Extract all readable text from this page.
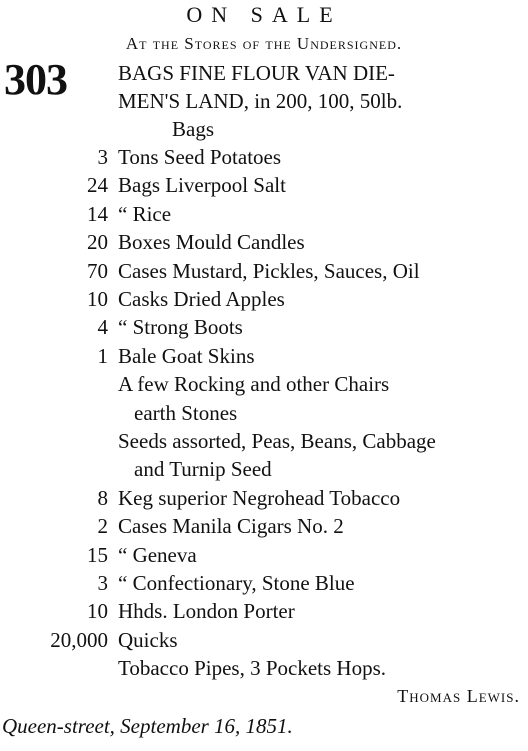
ON SALE
At the Stores of the Undersigned.
303 BAGS FINE FLOUR VAN DIE-
MEN'S LAND, in 200, 100, 50lb.
Bags
3 Tons Seed Potatoes
24 Bags Liverpool Salt
14 “ Rice
20 Boxes Mould Candles
70 Cases Mustard, Pickles, Sauces, Oil
10 Casks Dried Apples
4 “ Strong Boots
1 Bale Goat Skins
A few Rocking and other Chairs
earth Stones
Seeds assorted, Peas, Beans, Cabbage
and Turnip Seed
8 Keg superior Negrohead Tobacco
2 Cases Manila Cigars No. 2
15 “ Geneva
3 “ Confectionary, Stone Blue
10 Hhds. London Porter
20,000 Quicks
Tobacco Pipes, 3 Pockets Hops.
Thomas Lewis.
Queen-street, September 16, 1851.
